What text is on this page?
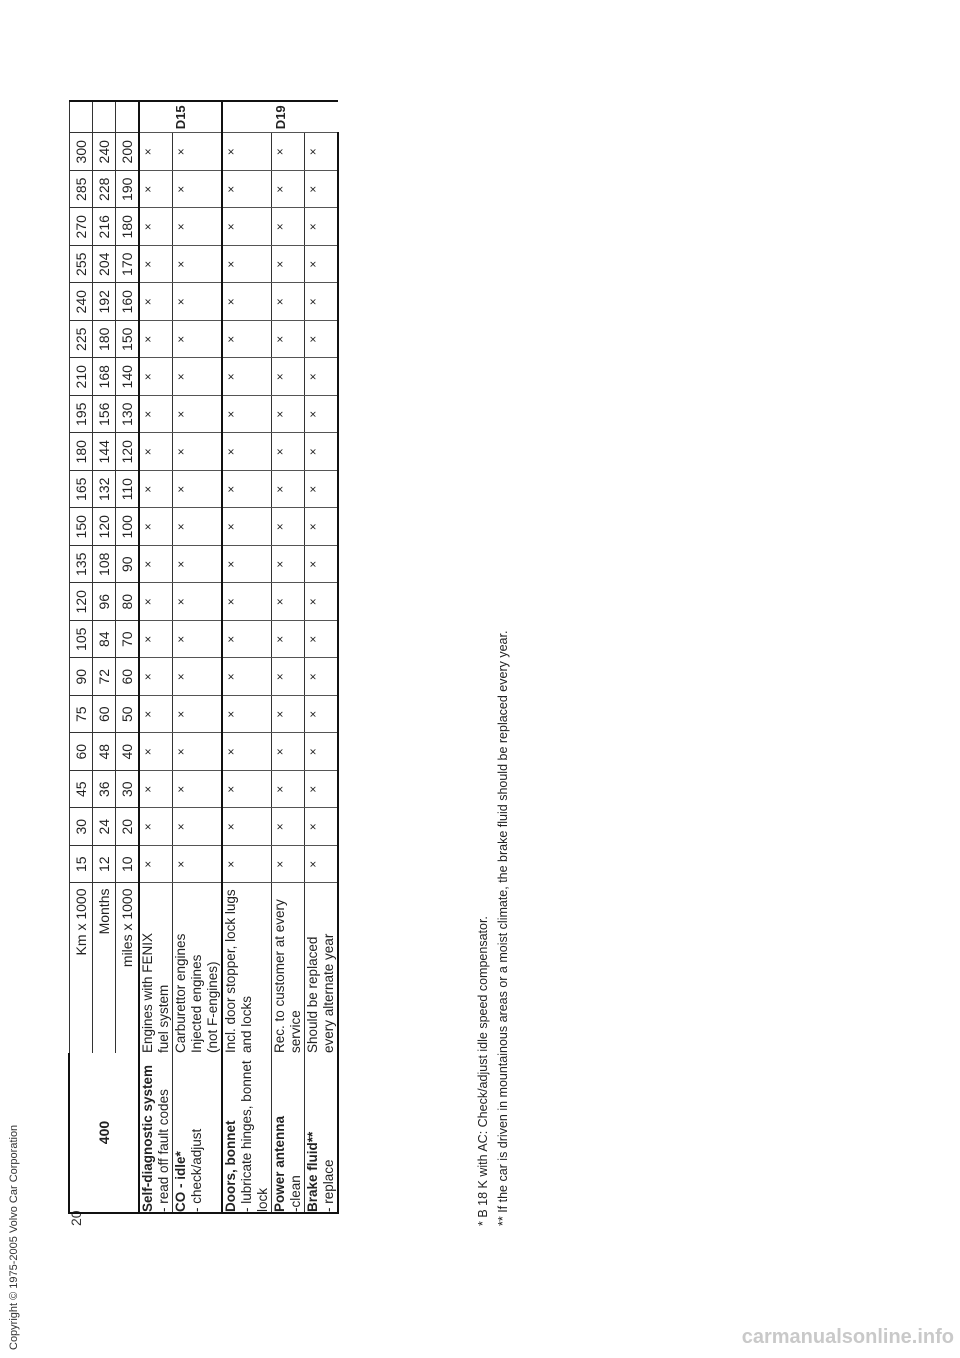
Copyright © 1975-2005 Volvo Car Corporation	20
400	Km x 1000	15	30	45	60	75	90	105	120	135	150	165	180	195	210	225	240	255	270	285	300	
	Months	12	24	36	48	60	72	84	96	108	120	132	144	156	168	180	192	204	216	228	240	
	miles x 1000	10	20	30	40	50	60	70	80	90	100	110	120	130	140	150	160	170	180	190	200	

Self-diagnostic system - read off fault codes	Engines with FENIX fuel system	×	×	×	×	×	×	×	×	×	×	×	×	×	×	×	×	×	×	×	×	D15

CO - idle* - check/adjust	Carburettor engines Injected engines (not F-engines)	×	×	×	×	×	×	×	×	×	×	×	×	×	×	×	×	×	×	×	×	

Doors, bonnet - lubricate hinges, bonnet lock	Incl. door stopper, lock lugs and locks	×	×	×	×	×	×	×	×	×	×	×	×	×	×	×	×	×	×	×	×	D19

Power antenna -clean	Rec. to customer at every service	×	×	×	×	×	×	×	×	×	×	×	×	×	×	×	×	×	×	×	×	

Brake fluid** - replace	Should be replaced every alternate year	×	×	×	×	×	×	×	×	×	×	×	×	×	×	×	×	×	×	×	×	
* B 18 K with AC: Check/adjust idle speed compensator. ** If the car is driven in mountainous areas or a moist climate, the brake fluid should be replaced every year.
carmanualsonline.info
